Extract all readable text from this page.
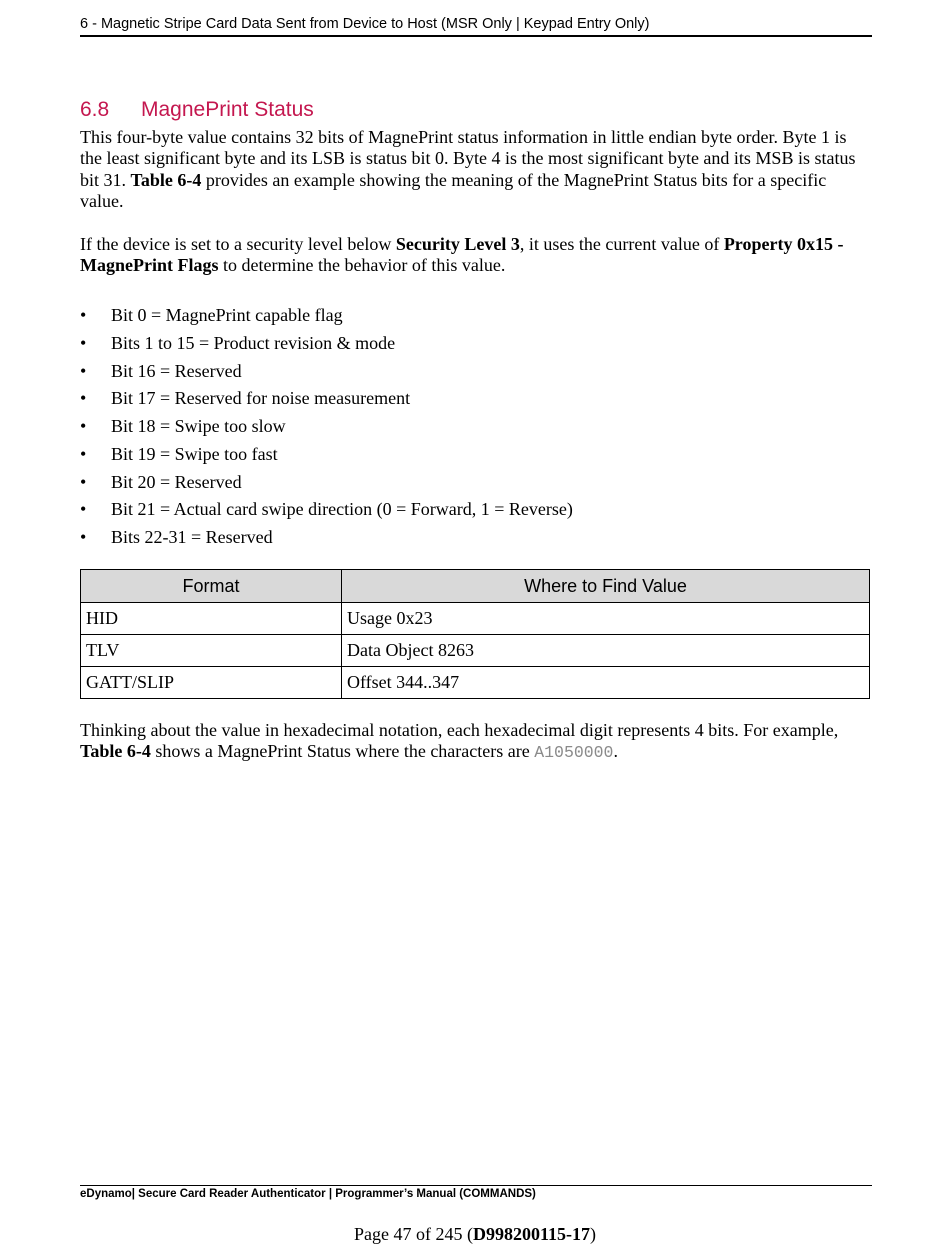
6 - Magnetic Stripe Card Data Sent from Device to Host (MSR Only | Keypad Entry Only)
6.8 MagnePrint Status

This four-byte value contains 32 bits of MagnePrint status information in little endian byte order. Byte 1 is the least significant byte and its LSB is status bit 0. Byte 4 is the most significant byte and its MSB is status bit 31. Table 6-4 provides an example showing the meaning of the MagnePrint Status bits for a specific value.

If the device is set to a security level below Security Level 3, it uses the current value of Property 0x15 - MagnePrint Flags to determine the behavior of this value.

• Bit 0 = MagnePrint capable flag
• Bits 1 to 15 = Product revision & mode
• Bit 16 = Reserved
• Bit 17 = Reserved for noise measurement
• Bit 18 = Swipe too slow
• Bit 19 = Swipe too fast
• Bit 20 = Reserved
• Bit 21 = Actual card swipe direction (0 = Forward, 1 = Reverse)
• Bits 22-31 = Reserved
Format	Where to Find Value
HID	Usage 0x23
TLV	Data Object 8263
GATT/SLIP	Offset 344..347

Thinking about the value in hexadecimal notation, each hexadecimal digit represents 4 bits. For example, Table 6-4 shows a MagnePrint Status where the characters are A1050000.

eDynamo| Secure Card Reader Authenticator | Programmer’s Manual (COMMANDS)
Page 47 of 245 (D998200115-17)
